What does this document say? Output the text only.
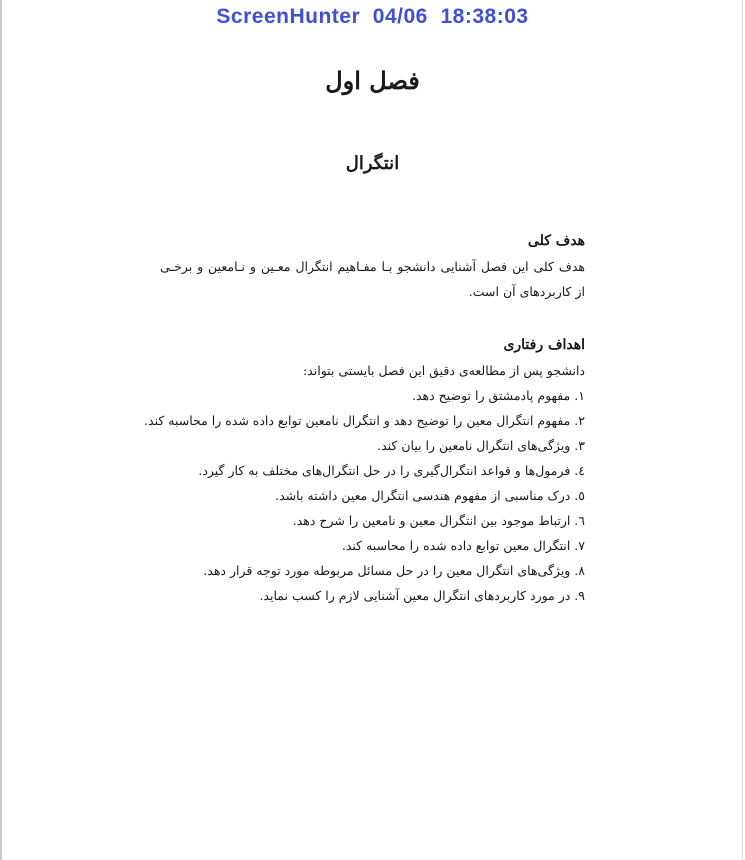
ScreenHunter  04/06  18:38:03
فصل اول
انتگرال

هدف کلی

هدف کلی این فصل آشنایی دانشجو بـا مفـاهیم انتگرال معـین و نـامعین و برخـی از کاربردهای آن است.

اهداف رفتاری

دانشجو پس از مطالعه‌ی دقیق این فصل بایستی بتواند:

۱. مفهوم پادمشتق را توضیح دهد.
۲. مفهوم انتگرال معین را توضیح دهد و انتگرال نامعین توابع داده شده را محاسبه کند.
۳. ویژگی‌های انتگرال نامعین را بیان کند.
٤. فرمول‌ها و قواعد انتگرال‌گیری را در حل انتگرال‌های مختلف به کار گیرد.
٥. درک مناسبی از مفهوم هندسی انتگرال معین داشته باشد.
٦. ارتباط موجود بین انتگرال معین و نامعین را شرح دهد.
۷. انتگرال معین توابع داده شده را محاسبه کند.
۸. ویژگی‌های انتگرال معین را در حل مسائل مربوطه مورد توجه قرار دهد.
۹. در مورد کاربردهای انتگرال معین آشنایی لازم را کسب نماید.
